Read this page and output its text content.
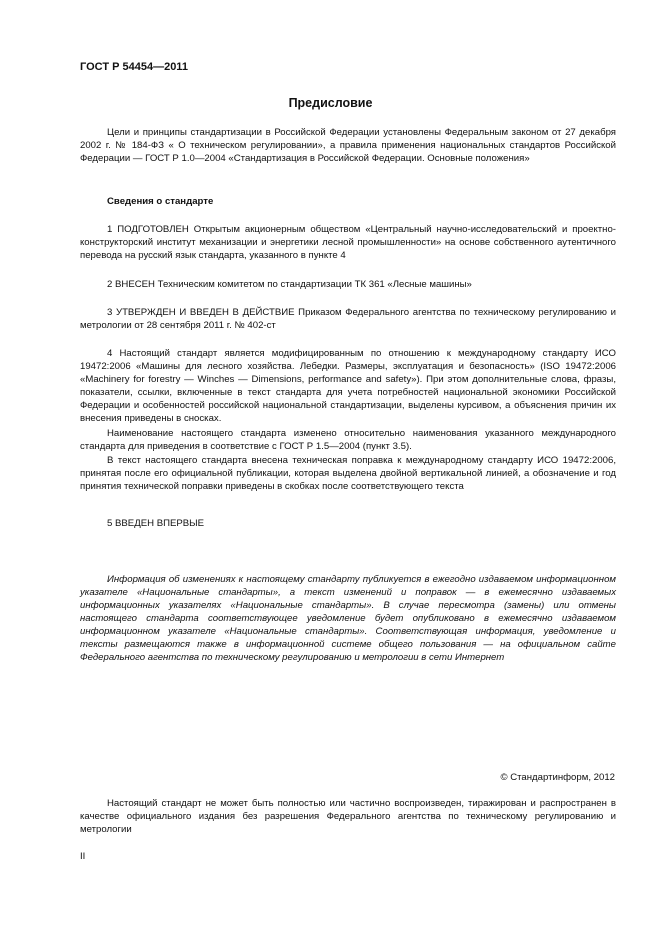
ГОСТ Р 54454—2011
Предисловие

Цели и принципы стандартизации в Российской Федерации установлены Федеральным законом от 27 декабря 2002 г. № 184-ФЗ « О техническом регулировании», а правила применения национальных стандартов Российской Федерации — ГОСТ Р 1.0—2004 «Стандартизация в Российской Федерации. Основные положения»

Сведения о стандарте

1 ПОДГОТОВЛЕН Открытым акционерным обществом «Центральный научно-исследовательский и проектно-конструкторский институт механизации и энергетики лесной промышленности» на основе собственного аутентичного перевода на русский язык стандарта, указанного в пункте 4

2 ВНЕСЕН Техническим комитетом по стандартизации ТК 361 «Лесные машины»

3 УТВЕРЖДЕН И ВВЕДЕН В ДЕЙСТВИЕ Приказом Федерального агентства по техническому регулированию и метрологии от 28 сентября 2011 г. № 402-ст

4 Настоящий стандарт является модифицированным по отношению к международному стандарту ИСО 19472:2006 «Машины для лесного хозяйства. Лебедки. Размеры, эксплуатация и безопасность» (ISO 19472:2006 «Machinery for forestry — Winches — Dimensions, performance and safety»). При этом дополнительные слова, фразы, показатели, ссылки, включенные в текст стандарта для учета потребностей национальной экономики Российской Федерации и особенностей российской национальной стандартизации, выделены курсивом, а объяснения причин их внесения приведены в сносках.

Наименование настоящего стандарта изменено относительно наименования указанного международного стандарта для приведения в соответствие с ГОСТ Р 1.5—2004 (пункт 3.5).

В текст настоящего стандарта внесена техническая поправка к международному стандарту ИСО 19472:2006, принятая после его официальной публикации, которая выделена двойной вертикальной линией, а обозначение и год принятия технической поправки приведены в скобках после соответствующего текста

5 ВВЕДЕН ВПЕРВЫЕ

Информация об изменениях к настоящему стандарту публикуется в ежегодно издаваемом информационном указателе «Национальные стандарты», а текст изменений и поправок — в ежемесячно издаваемых информационных указателях «Национальные стандарты». В случае пересмотра (замены) или отмены настоящего стандарта соответствующее уведомление будет опубликовано в ежемесячно издаваемом информационном указателе «Национальные стандарты». Соответствующая информация, уведомление и тексты размещаются также в информационной системе общего пользования — на официальном сайте Федерального агентства по техническому регулированию и метрологии в сети Интернет

© Стандартинформ, 2012

Настоящий стандарт не может быть полностью или частично воспроизведен, тиражирован и распространен в качестве официального издания без разрешения Федерального агентства по техническому регулированию и метрологии

II
